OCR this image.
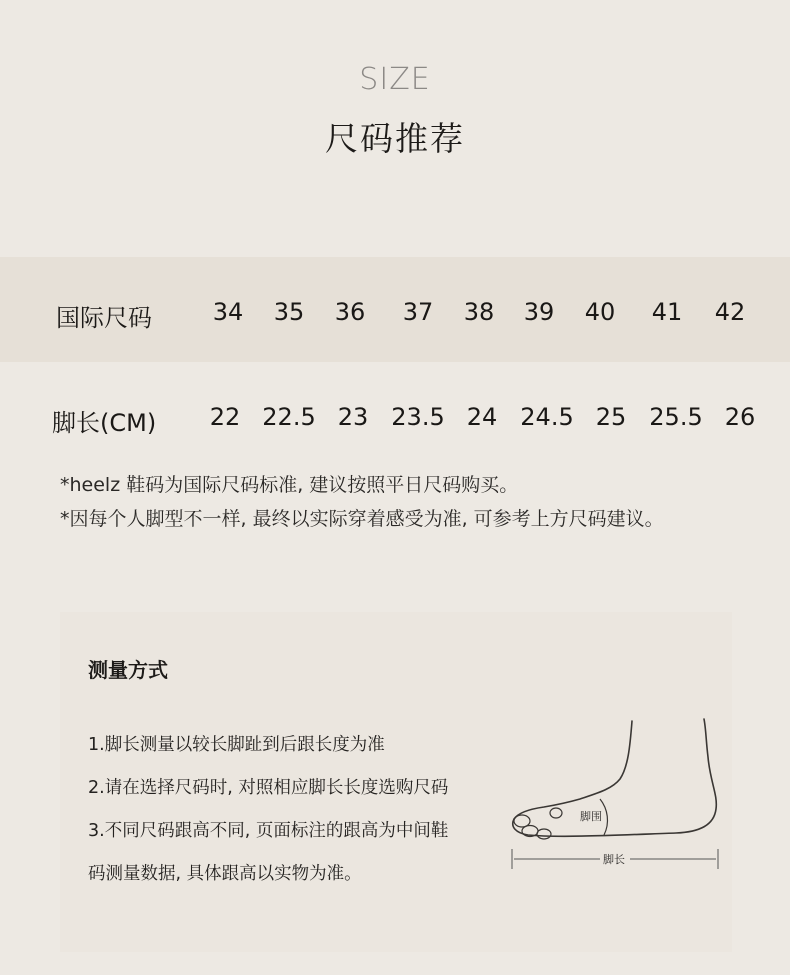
SIZE
尺码推荐
国际尺码	34 35 36 37 38 39 40 41 42
脚长(CM) 22 22.5 23 23.5 24 24.5 25 25.5 26
*heelz 鞋码为国际尺码标准, 建议按照平日尺码购买。
*因每个人脚型不一样, 最终以实际穿着感受为准, 可参考上方尺码建议。
测量方式
1.脚长测量以较长脚趾到后跟长度为准
2.请在选择尺码时, 对照相应脚长长度选购尺码
3.不同尺码跟高不同, 页面标注的跟高为中间鞋
码测量数据, 具体跟高以实物为准。
脚围
脚长
